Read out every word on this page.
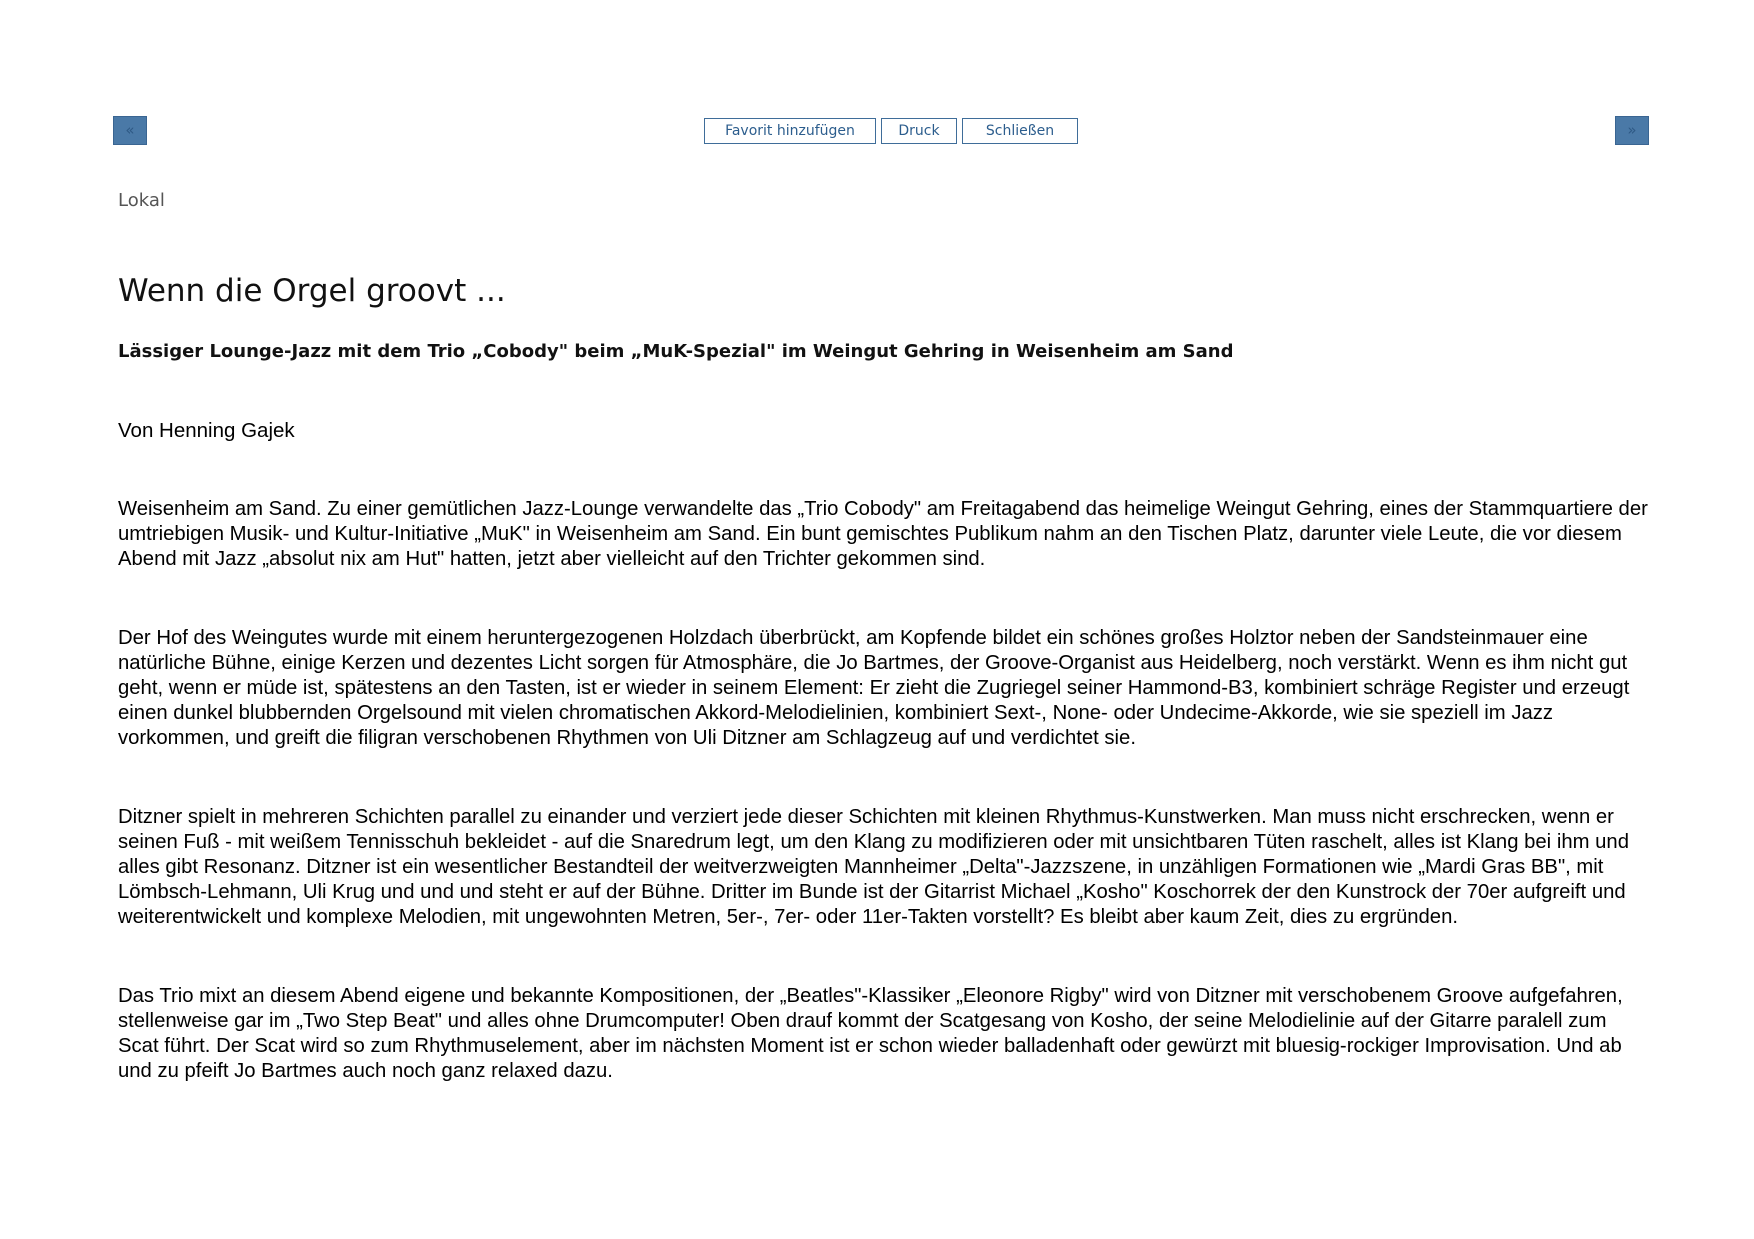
«	Favorit hinzufügen	Druck	Schließen	»
Lokal
Wenn die Orgel groovt ...
Lässiger Lounge-Jazz mit dem Trio „Cobody" beim „MuK-Spezial" im Weingut Gehring in Weisenheim am Sand
Von Henning Gajek

Weisenheim am Sand. Zu einer gemütlichen Jazz-Lounge verwandelte das „Trio Cobody" am Freitagabend das heimelige Weingut Gehring, eines der Stammquartiere der umtriebigen Musik- und Kultur-Initiative „MuK" in Weisenheim am Sand. Ein bunt gemischtes Publikum nahm an den Tischen Platz, darunter viele Leute, die vor diesem Abend mit Jazz „absolut nix am Hut" hatten, jetzt aber vielleicht auf den Trichter gekommen sind.

Der Hof des Weingutes wurde mit einem heruntergezogenen Holzdach überbrückt, am Kopfende bildet ein schönes großes Holztor neben der Sandsteinmauer eine natürliche Bühne, einige Kerzen und dezentes Licht sorgen für Atmosphäre, die Jo Bartmes, der Groove-Organist aus Heidelberg, noch verstärkt. Wenn es ihm nicht gut geht, wenn er müde ist, spätestens an den Tasten, ist er wieder in seinem Element: Er zieht die Zugriegel seiner Hammond-B3, kombiniert schräge Register und erzeugt einen dunkel blubbernden Orgelsound mit vielen chromatischen Akkord-Melodielinien, kombiniert Sext-, None- oder Undecime-Akkorde, wie sie speziell im Jazz vorkommen, und greift die filigran verschobenen Rhythmen von Uli Ditzner am Schlagzeug auf und verdichtet sie.

Ditzner spielt in mehreren Schichten parallel zu einander und verziert jede dieser Schichten mit kleinen Rhythmus-Kunstwerken. Man muss nicht erschrecken, wenn er seinen Fuß - mit weißem Tennisschuh bekleidet - auf die Snaredrum legt, um den Klang zu modifizieren oder mit unsichtbaren Tüten raschelt, alles ist Klang bei ihm und alles gibt Resonanz. Ditzner ist ein wesentlicher Bestandteil der weitverzweigten Mannheimer „Delta"-Jazzszene, in unzähligen Formationen wie „Mardi Gras BB", mit Lömbsch-Lehmann, Uli Krug und und und steht er auf der Bühne. Dritter im Bunde ist der Gitarrist Michael „Kosho" Koschorrek der den Kunstrock der 70er aufgreift und weiterentwickelt und komplexe Melodien, mit ungewohnten Metren, 5er-, 7er- oder 11er-Takten vorstellt? Es bleibt aber kaum Zeit, dies zu ergründen.

Das Trio mixt an diesem Abend eigene und bekannte Kompositionen, der „Beatles"-Klassiker „Eleonore Rigby" wird von Ditzner mit verschobenem Groove aufgefahren, stellenweise gar im „Two Step Beat" und alles ohne Drumcomputer! Oben drauf kommt der Scatgesang von Kosho, der seine Melodielinie auf der Gitarre paralell zum Scat führt. Der Scat wird so zum Rhythmuselement, aber im nächsten Moment ist er schon wieder balladenhaft oder gewürzt mit bluesig-rockiger Improvisation. Und ab und zu pfeift Jo Bartmes auch noch ganz relaxed dazu.
